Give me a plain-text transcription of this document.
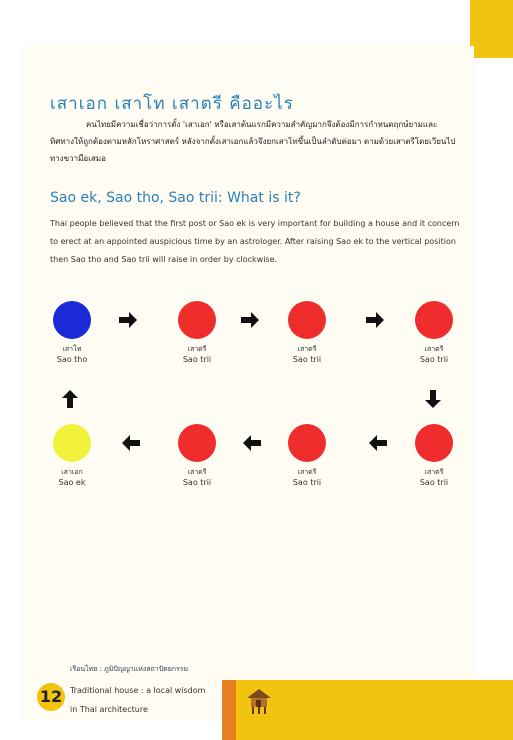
เสาเอก เสาโท เสาตรี คืออะไร
คนไทยมีความเชื่อว่าการตั้ง 'เสาเอก' หรือเสาต้นแรกมีความสำคัญมากจึงต้องมีการกำหนดฤกษ์ยามและทิศทางให้ถูกต้องตามหลักโหราศาสตร์ หลังจากตั้งเสาเอกแล้วจึงยกเสาโทขึ้นเป็นลำดับต่อมา ตามด้วยเสาตรีโดยเวียนไปทางขวามือเสมอ
Sao ek, Sao tho, Sao trii: What is it?
Thai people believed that the first post or Sao ek is very important for building a house and it concern to erect at an appointed auspicious time by an astrologer. After raising Sao ek to the vertical position then Sao tho and Sao trii will raise in order by clockwise.
เสาโท
Sao tho
เสาตรี
Sao trii
เสาตรี
Sao trii
เสาตรี
Sao trii
เสาเอก
Sao ek
เสาตรี
Sao trii
เสาตรี
Sao trii
เสาตรี
Sao trii
12
เรือนไทย : ภูมิปัญญาแห่งสถาปัตยกรรม
Traditional house : a local wisdom
in Thai architecture
